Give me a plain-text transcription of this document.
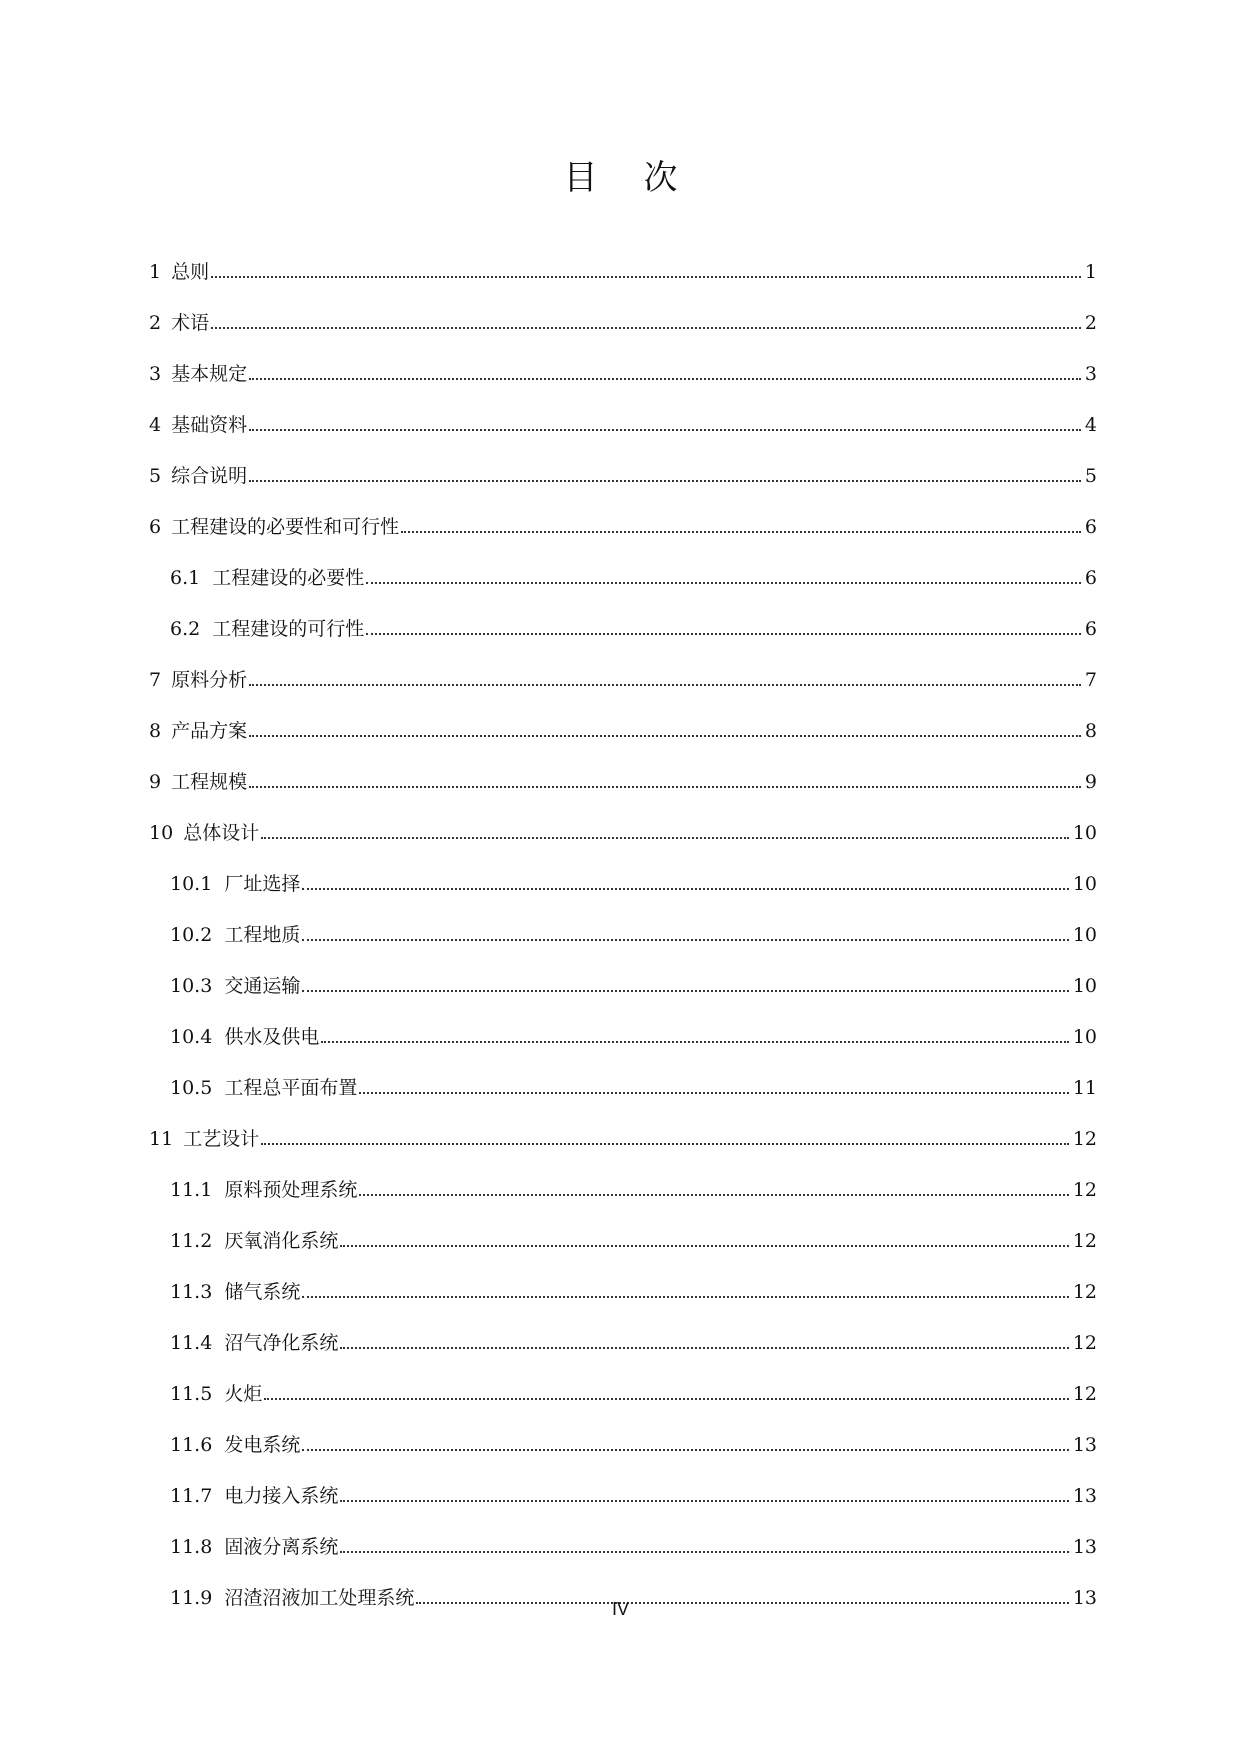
目 次
1 总则	1
2 术语	2
3 基本规定	3
4 基础资料	4
5 综合说明	5
6 工程建设的必要性和可行性	6
6.1 工程建设的必要性	6
6.2 工程建设的可行性	6
7 原料分析	7
8 产品方案	8
9 工程规模	9
10 总体设计	10
10.1 厂址选择	10
10.2 工程地质	10
10.3 交通运输	10
10.4 供水及供电	10
10.5 工程总平面布置	11
11 工艺设计	12
11.1 原料预处理系统	12
11.2 厌氧消化系统	12
11.3 储气系统	12
11.4 沼气净化系统	12
11.5 火炬	12
11.6 发电系统	13
11.7 电力接入系统	13
11.8 固液分离系统	13
11.9 沼渣沼液加工处理系统	13
IV
